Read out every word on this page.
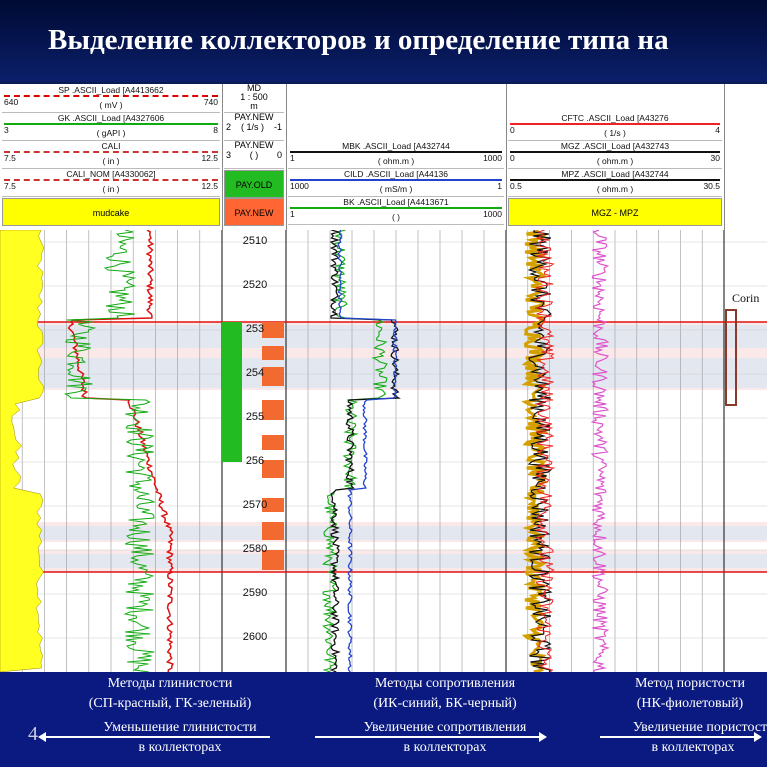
Выделение коллекторов и определение типа на
SP .ASCII_Load [A4413662
640	( mV )	740
GK .ASCII_Load [A4327606
3	( gAPI )	8
CALI
7.5	( in )	12.5
CALI_NOM [A4330062]
7.5	( in )	12.5
mudcake
MD
1 : 500
m
PAY.NEW
2 ( 1/s ) -1
PAY.NEW
3 ( ) 0
PAY.OLD
PAY.NEW
MBK .ASCII_Load [A432744
1	( ohm.m )	1000
CILD .ASCII_Load [A44136
1000	( mS/m )	1
BK .ASCII_Load [A4413671
1	( )	1000
CFTC .ASCII_Load [A43276
0	( 1/s )	4
MGZ .ASCII_Load [A432743
0	( ohm.m )	30
MPZ .ASCII_Load [A432744
0.5	( ohm.m )	30.5
MGZ - MPZ
2510
2520
253
254
255
256
2570
2580
2590
2600
Corin
Методы глинистости
(СП-красный, ГК-зеленый)
Уменьшение глинистости
в коллекторах
Методы сопротивления
(ИК-синий, БК-черный)
Увеличение сопротивления
в коллекторах
Метод пористости
(НК-фиолетовый)
Увеличение пористост
в коллекторах
4
